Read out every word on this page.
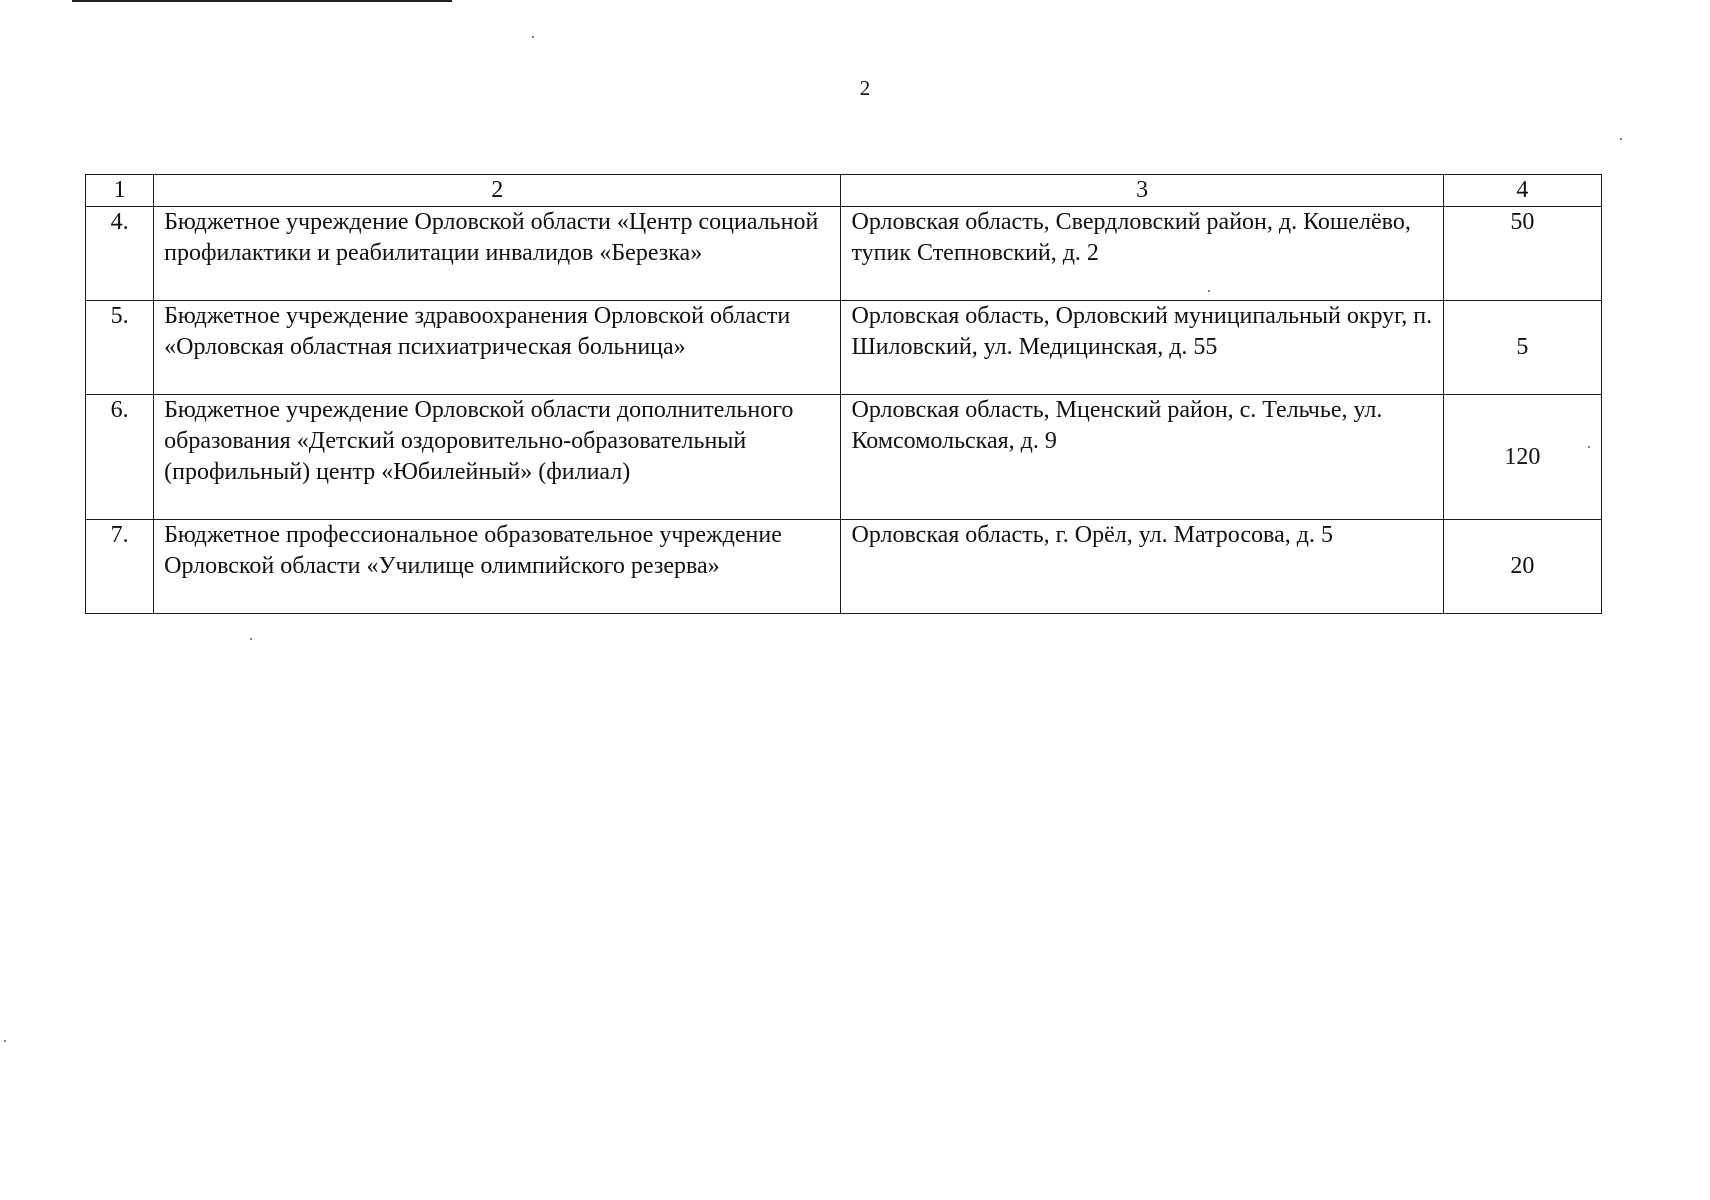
2
1	2	3	4
4.	Бюджетное учреждение Орловской области «Центр социальной профилактики и реабилитации инвалидов «Березка»	Орловская область, Свердловский район, д. Кошелёво, тупик Степновский, д. 2	50
5.	Бюджетное учреждение здравоохранения Орловской области «Орловская областная психиатрическая больница»	Орловская область, Орловский муниципальный округ, п. Шиловский, ул. Медицинская, д. 55	5
6.	Бюджетное учреждение Орловской области дополнительного образования «Детский оздоровительно-образовательный (профильный) центр «Юбилейный» (филиал)	Орловская область, Мценский район, с. Тельчье, ул. Комсомольская, д. 9	120
7.	Бюджетное профессиональное образовательное учреждение Орловской области «Училище олимпийского резерва»	Орловская область, г. Орёл, ул. Матросова, д. 5	20
